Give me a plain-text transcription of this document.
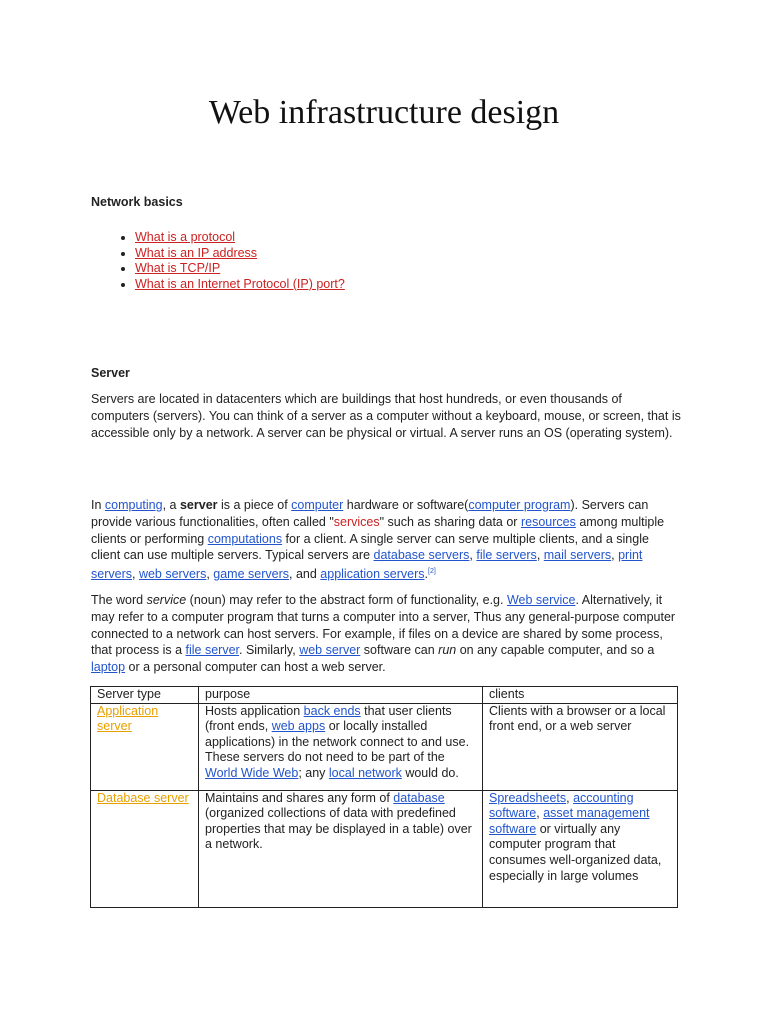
Web infrastructure design
Network basics
• What is a protocol
• What is an IP address
• What is TCP/IP
• What is an Internet Protocol (IP) port?
Server
Servers are located in datacenters which are buildings that host hundreds, or even thousands of computers (servers). You can think of a server as a computer without a keyboard, mouse, or screen, that is accessible only by a network. A server can be physical or virtual. A server runs an OS (operating system).
In computing, a server is a piece of computer hardware or software(computer program). Servers can provide various functionalities, often called "services" such as sharing data or resources among multiple clients or performing computations for a client. A single server can serve multiple clients, and a single client can use multiple servers. Typical servers are database servers, file servers, mail servers, print servers, web servers, game servers, and application servers.[2]
The word service (noun) may refer to the abstract form of functionality, e.g. Web service. Alternatively, it may refer to a computer program that turns a computer into a server, Thus any general-purpose computer connected to a network can host servers. For example, if files on a device are shared by some process, that process is a file server. Similarly, web server software can run on any capable computer, and so a laptop or a personal computer can host a web server.
Server type	purpose	clients
Application server	Hosts application back ends that user clients (front ends, web apps or locally installed applications) in the network connect to and use. These servers do not need to be part of the World Wide Web; any local network would do.	Clients with a browser or a local front end, or a web server
Database server	Maintains and shares any form of database (organized collections of data with predefined properties that may be displayed in a table) over a network.	Spreadsheets, accounting software, asset management software or virtually any computer program that consumes well-organized data, especially in large volumes
